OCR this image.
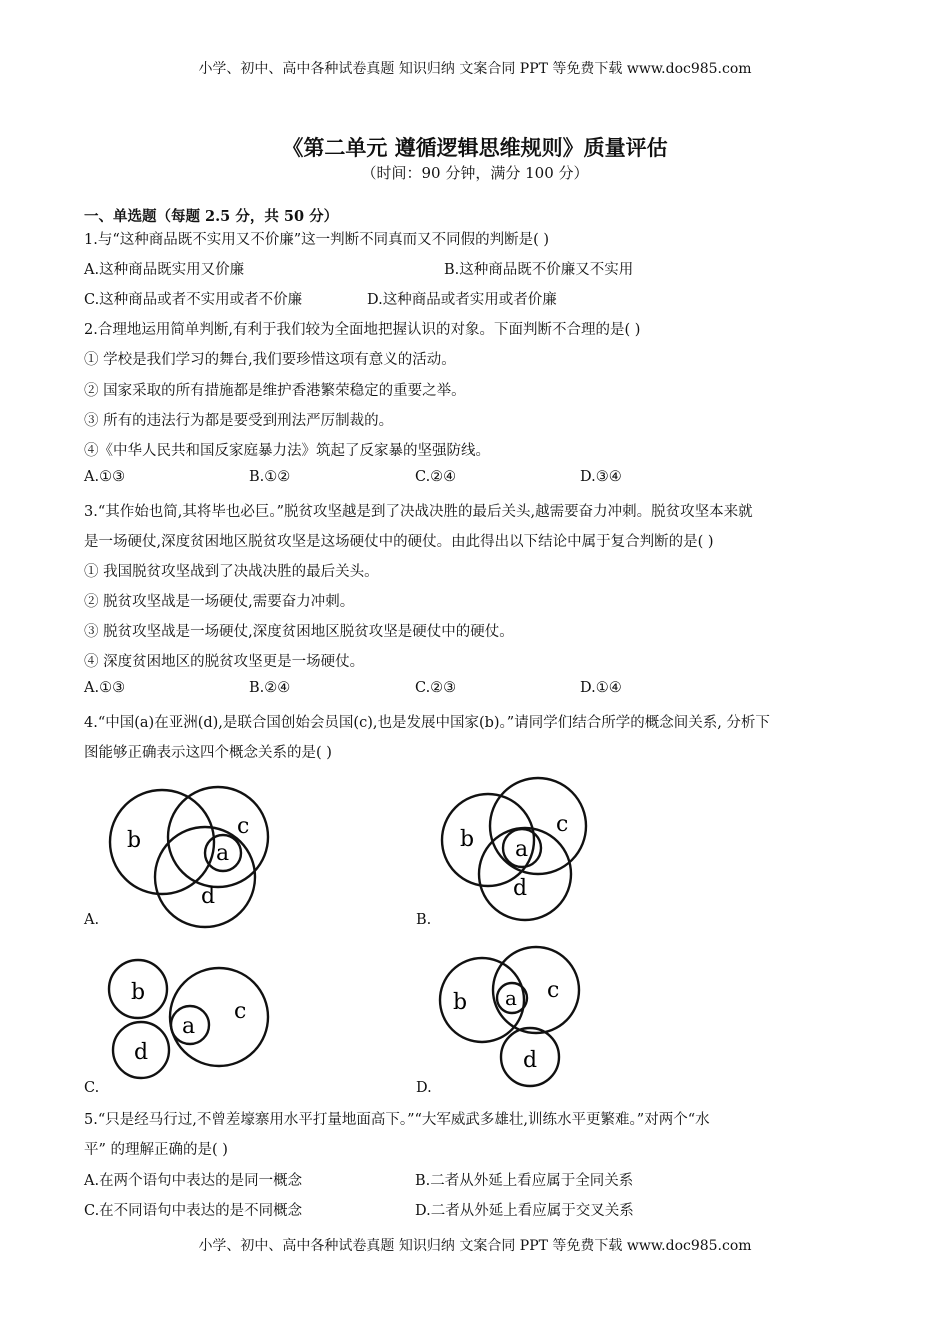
小学、初中、高中各种试卷真题 知识归纳 文案合同 PPT 等免费下载 www.doc985.com
《第二单元 遵循逻辑思维规则》质量评估
（时间：90 分钟，满分 100 分）
一、单选题（每题 2.5 分，共 50 分）
1.与“这种商品既不实用又不价廉”这一判断不同真而又不同假的判断是( )
A.这种商品既实用又价廉	B.这种商品既不价廉又不实用
C.这种商品或者不实用或者不价廉	D.这种商品或者实用或者价廉
2.合理地运用简单判断,有利于我们较为全面地把握认识的对象。下面判断不合理的是( )
① 学校是我们学习的舞台,我们要珍惜这项有意义的活动。
② 国家采取的所有措施都是维护香港繁荣稳定的重要之举。
③ 所有的违法行为都是要受到刑法严厉制裁的。
④《中华人民共和国反家庭暴力法》筑起了反家暴的坚强防线。
A.①③	B.①②	C.②④	D.③④
3.“其作始也简,其将毕也必巨。”脱贫攻坚越是到了决战决胜的最后关头,越需要奋力冲刺。脱贫攻坚本来就
是一场硬仗,深度贫困地区脱贫攻坚是这场硬仗中的硬仗。由此得出以下结论中属于复合判断的是( )
① 我国脱贫攻坚战到了决战决胜的最后关头。
② 脱贫攻坚战是一场硬仗,需要奋力冲刺。
③ 脱贫攻坚战是一场硬仗,深度贫困地区脱贫攻坚是硬仗中的硬仗。
④ 深度贫困地区的脱贫攻坚更是一场硬仗。
A.①③	B.②④	C.②③	D.①④
4.“中国(a)在亚洲(d),是联合国创始会员国(c),也是发展中国家(b)。”请同学们结合所学的概念间关系, 分析下
图能够正确表示这四个概念关系的是( )
b
c
a
d
A.
b
c
a
d
B.
b
d
c
a
C.
b	c
a
d
D.
5.“只是经马行过,不曾差壕寨用水平打量地面高下。”“大军威武多雄壮,训练水平更繁难。”对两个“水
平” 的理解正确的是( )
A.在两个语句中表达的是同一概念	B.二者从外延上看应属于全同关系
C.在不同语句中表达的是不同概念	D.二者从外延上看应属于交叉关系
小学、初中、高中各种试卷真题 知识归纳 文案合同 PPT 等免费下载 www.doc985.com
